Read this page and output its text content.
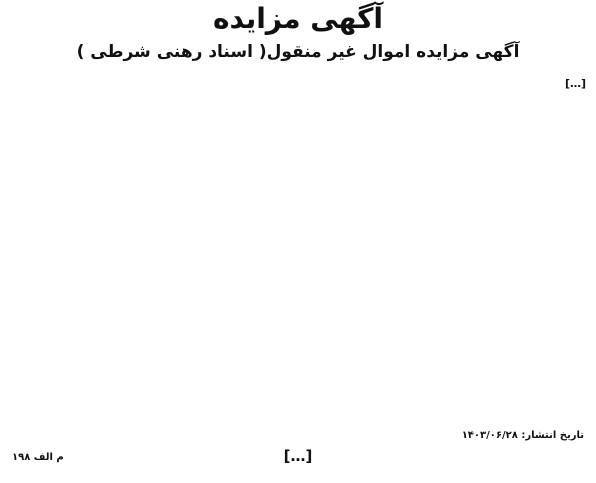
آگهی مزایده
آگهی مزایده اموال غیر منقول( اسناد رهنی شرطی )
[…]
تاریخ انتشار: ۱۴۰۳/۰۶/۲۸
[…]
م الف ۱۹۸
